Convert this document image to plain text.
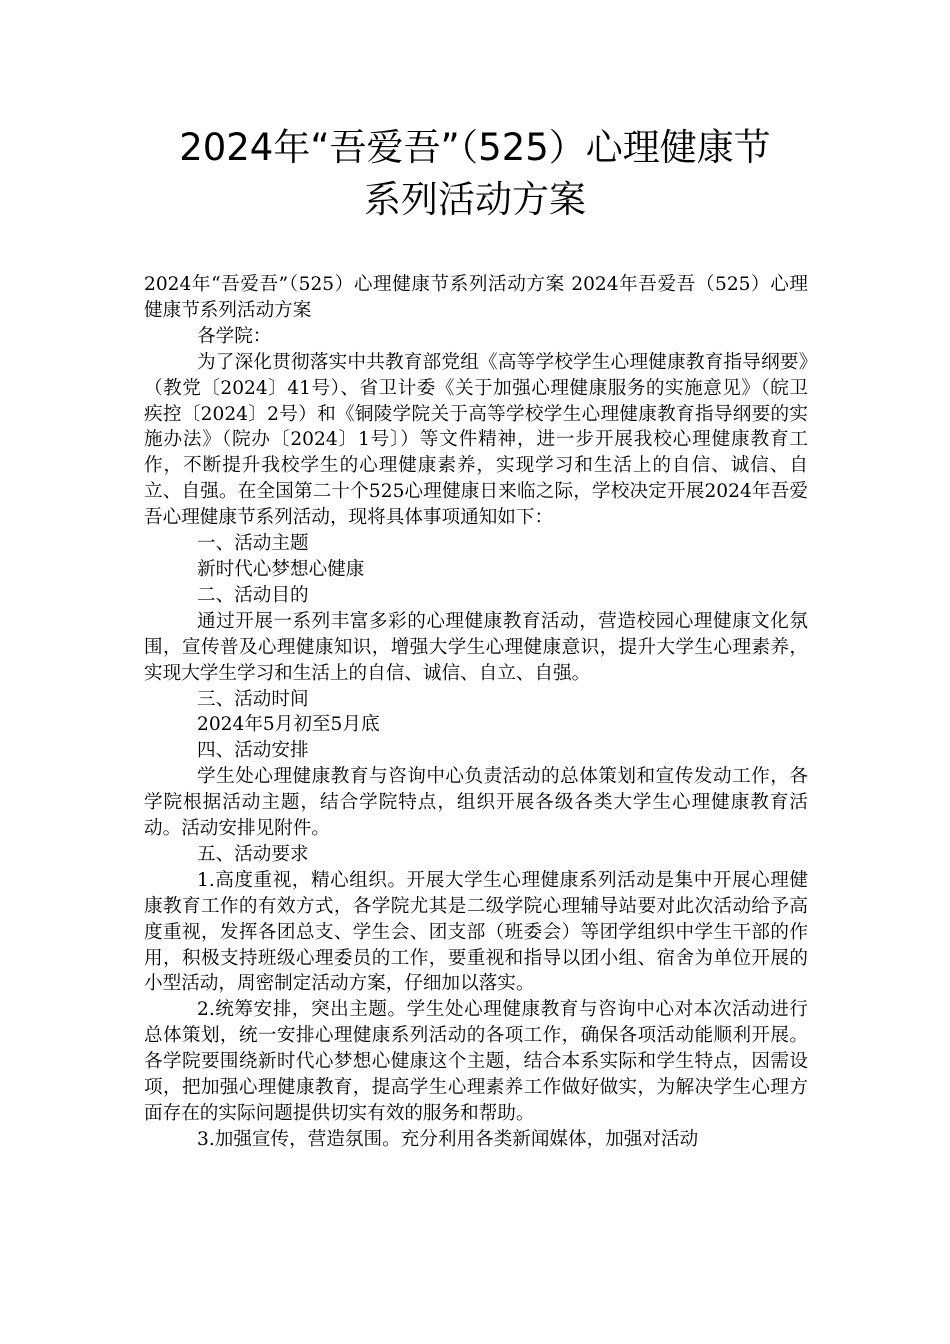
2024年“吾爱吾”（525）心理健康节
系列活动方案

2024年“吾爱吾”（525）心理健康节系列活动方案 2024年吾爱吾（525）心理健康节系列活动方案

各学院：

为了深化贯彻落实中共教育部党组《高等学校学生心理健康教育指导纲要》（教党〔2024〕41号）、省卫计委《关于加强心理健康服务的实施意见》（皖卫疾控〔2024〕2号）和《铜陵学院关于高等学校学生心理健康教育指导纲要的实施办法》（院办〔2024〕1号〕）等文件精神，进一步开展我校心理健康教育工作，不断提升我校学生的心理健康素养，实现学习和生活上的自信、诚信、自立、自强。在全国第二十个525心理健康日来临之际，学校决定开展2024年吾爱吾心理健康节系列活动，现将具体事项通知如下：

一、活动主题

新时代心梦想心健康

二、活动目的

通过开展一系列丰富多彩的心理健康教育活动，营造校园心理健康文化氛围，宣传普及心理健康知识，增强大学生心理健康意识，提升大学生心理素养，实现大学生学习和生活上的自信、诚信、自立、自强。

三、活动时间

2024年5月初至5月底

四、活动安排

学生处心理健康教育与咨询中心负责活动的总体策划和宣传发动工作，各学院根据活动主题，结合学院特点，组织开展各级各类大学生心理健康教育活动。活动安排见附件。

五、活动要求

1.高度重视，精心组织。开展大学生心理健康系列活动是集中开展心理健康教育工作的有效方式，各学院尤其是二级学院心理辅导站要对此次活动给予高度重视，发挥各团总支、学生会、团支部（班委会）等团学组织中学生干部的作用，积极支持班级心理委员的工作，要重视和指导以团小组、宿舍为单位开展的小型活动，周密制定活动方案，仔细加以落实。

2.统筹安排，突出主题。学生处心理健康教育与咨询中心对本次活动进行总体策划，统一安排心理健康系列活动的各项工作，确保各项活动能顺利开展。各学院要围绕新时代心梦想心健康这个主题，结合本系实际和学生特点，因需设项，把加强心理健康教育，提高学生心理素养工作做好做实，为解决学生心理方面存在的实际问题提供切实有效的服务和帮助。

3.加强宣传，营造氛围。充分利用各类新闻媒体，加强对活动
